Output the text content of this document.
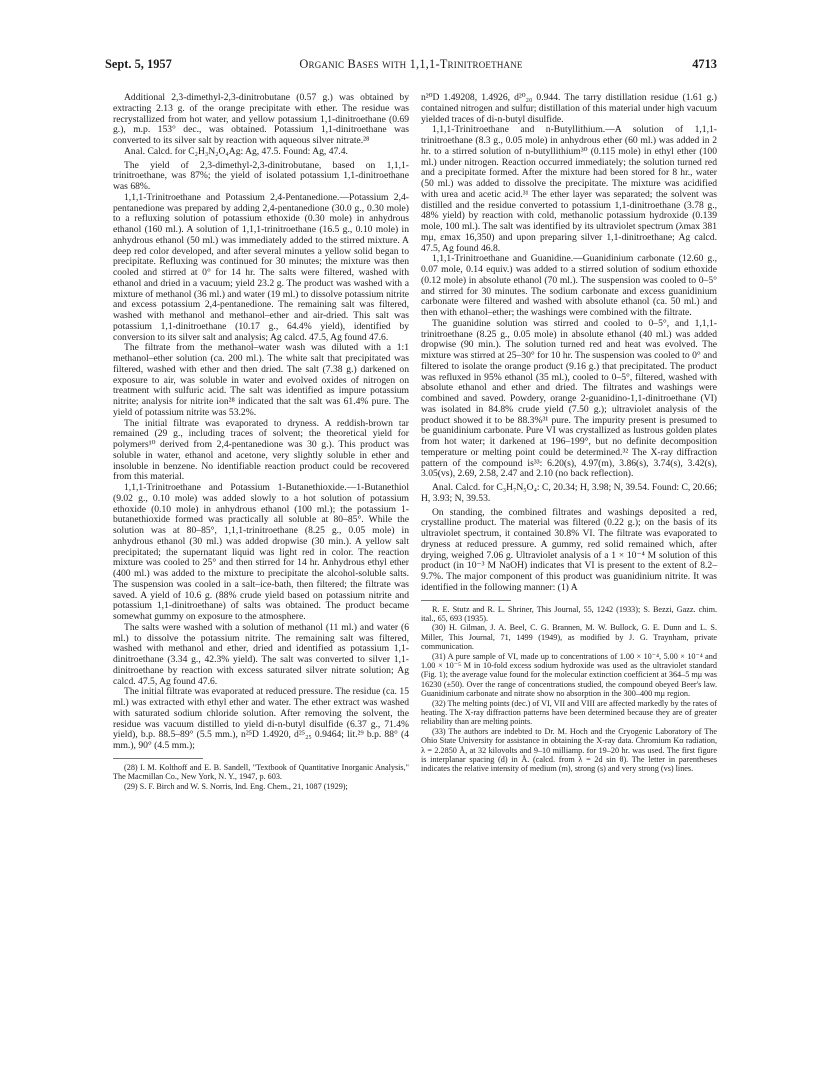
Sept. 5, 1957	Organic Bases with 1,1,1-Trinitroethane	4713

Additional 2,3-dimethyl-2,3-dinitrobutane (0.57 g.) was obtained by extracting 2.13 g. of the orange precipitate with ether. The residue was recrystallized from hot water, and yellow potassium 1,1-dinitroethane (0.69 g.), m.p. 153° dec., was obtained. Potassium 1,1-dinitroethane was converted to its silver salt by reaction with aqueous silver nitrate.²⁸

Anal. Calcd. for C₂H₃N₂O₄Ag: Ag, 47.5. Found: Ag, 47.4.

The yield of 2,3-dimethyl-2,3-dinitrobutane, based on 1,1,1-trinitroethane, was 87%; the yield of isolated potassium 1,1-dinitroethane was 68%.

1,1,1-Trinitroethane and Potassium 2,4-Pentanedione.—Potassium 2,4-pentanedione was prepared by adding 2,4-pentanedione (30.0 g., 0.30 mole) to a refluxing solution of potassium ethoxide (0.30 mole) in anhydrous ethanol (160 ml.). A solution of 1,1,1-trinitroethane (16.5 g., 0.10 mole) in anhydrous ethanol (50 ml.) was immediately added to the stirred mixture. A deep red color developed, and after several minutes a yellow solid began to precipitate. Refluxing was continued for 30 minutes; the mixture was then cooled and stirred at 0° for 14 hr. The salts were filtered, washed with ethanol and dried in a vacuum; yield 23.2 g. The product was washed with a mixture of methanol (36 ml.) and water (19 ml.) to dissolve potassium nitrite and excess potassium 2,4-pentanedione. The remaining salt was filtered, washed with methanol and methanol–ether and air-dried. This salt was potassium 1,1-dinitroethane (10.17 g., 64.4% yield), identified by conversion to its silver salt and analysis; Ag calcd. 47.5, Ag found 47.6.

The filtrate from the methanol–water wash was diluted with a 1:1 methanol–ether solution (ca. 200 ml.). The white salt that precipitated was filtered, washed with ether and then dried. The salt (7.38 g.) darkened on exposure to air, was soluble in water and evolved oxides of nitrogen on treatment with sulfuric acid. The salt was identified as impure potassium nitrite; analysis for nitrite ion²⁸ indicated that the salt was 61.4% pure. The yield of potassium nitrite was 53.2%.

The initial filtrate was evaporated to dryness. A reddish-brown tar remained (29 g., including traces of solvent; the theoretical yield for polymers¹⁰ derived from 2,4-pentanedione was 30 g.). This product was soluble in water, ethanol and acetone, very slightly soluble in ether and insoluble in benzene. No identifiable reaction product could be recovered from this material.

1,1,1-Trinitroethane and Potassium 1-Butanethioxide.—1-Butanethiol (9.02 g., 0.10 mole) was added slowly to a hot solution of potassium ethoxide (0.10 mole) in anhydrous ethanol (100 ml.); the potassium 1-butanethioxide formed was practically all soluble at 80–85°. While the solution was at 80–85°, 1,1,1-trinitroethane (8.25 g., 0.05 mole) in anhydrous ethanol (30 ml.) was added dropwise (30 min.). A yellow salt precipitated; the supernatant liquid was light red in color. The reaction mixture was cooled to 25° and then stirred for 14 hr. Anhydrous ethyl ether (400 ml.) was added to the mixture to precipitate the alcohol-soluble salts. The suspension was cooled in a salt–ice-bath, then filtered; the filtrate was saved. A yield of 10.6 g. (88% crude yield based on potassium nitrite and potassium 1,1-dinitroethane) of salts was obtained. The product became somewhat gummy on exposure to the atmosphere.

The salts were washed with a solution of methanol (11 ml.) and water (6 ml.) to dissolve the potassium nitrite. The remaining salt was filtered, washed with methanol and ether, dried and identified as potassium 1,1-dinitroethane (3.34 g., 42.3% yield). The salt was converted to silver 1,1-dinitroethane by reaction with excess saturated silver nitrate solution; Ag calcd. 47.5, Ag found 47.6.

The initial filtrate was evaporated at reduced pressure. The residue (ca. 15 ml.) was extracted with ethyl ether and water. The ether extract was washed with saturated sodium chloride solution. After removing the solvent, the residue was vacuum distilled to yield di-n-butyl disulfide (6.37 g., 71.4% yield), b.p. 88.5–89° (5.5 mm.), n²⁵D 1.4920, d²⁵₂₅ 0.9464; lit.²⁹ b.p. 88° (4 mm.), 90° (4.5 mm.);

(28) I. M. Kolthoff and E. B. Sandell, "Textbook of Quantitative Inorganic Analysis," The Macmillan Co., New York, N. Y., 1947, p. 603.

(29) S. F. Birch and W. S. Norris, Ind. Eng. Chem., 21, 1087 (1929);

n²⁰D 1.49208, 1.4926, d²⁰₂₀ 0.944. The tarry distillation residue (1.61 g.) contained nitrogen and sulfur; distillation of this material under high vacuum yielded traces of di-n-butyl disulfide.

1,1,1-Trinitroethane and n-Butyllithium.—A solution of 1,1,1-trinitroethane (8.3 g., 0.05 mole) in anhydrous ether (60 ml.) was added in 2 hr. to a stirred solution of n-butyllithium³⁰ (0.115 mole) in ethyl ether (100 ml.) under nitrogen. Reaction occurred immediately; the solution turned red and a precipitate formed. After the mixture had been stored for 8 hr., water (50 ml.) was added to dissolve the precipitate. The mixture was acidified with urea and acetic acid.³¹ The ether layer was separated; the solvent was distilled and the residue converted to potassium 1,1-dinitroethane (3.78 g., 48% yield) by reaction with cold, methanolic potassium hydroxide (0.139 mole, 100 ml.). The salt was identified by its ultraviolet spectrum (λmax 381 mμ, εmax 16,350) and upon preparing silver 1,1-dinitroethane; Ag calcd. 47.5, Ag found 46.8.

1,1,1-Trinitroethane and Guanidine.—Guanidinium carbonate (12.60 g., 0.07 mole, 0.14 equiv.) was added to a stirred solution of sodium ethoxide (0.12 mole) in absolute ethanol (70 ml.). The suspension was cooled to 0–5° and stirred for 30 minutes. The sodium carbonate and excess guanidinium carbonate were filtered and washed with absolute ethanol (ca. 50 ml.) and then with ethanol–ether; the washings were combined with the filtrate.

The guanidine solution was stirred and cooled to 0–5°, and 1,1,1-trinitroethane (8.25 g., 0.05 mole) in absolute ethanol (40 ml.) was added dropwise (90 min.). The solution turned red and heat was evolved. The mixture was stirred at 25–30° for 10 hr. The suspension was cooled to 0° and filtered to isolate the orange product (9.16 g.) that precipitated. The product was refluxed in 95% ethanol (35 ml.), cooled to 0–5°, filtered, washed with absolute ethanol and ether and dried. The filtrates and washings were combined and saved. Powdery, orange 2-guanidino-1,1-dinitroethane (VI) was isolated in 84.8% crude yield (7.50 g.); ultraviolet analysis of the product showed it to be 88.3%³¹ pure. The impurity present is presumed to be guanidinium carbonate. Pure VI was crystallized as lustrous golden plates from hot water; it darkened at 196–199°, but no definite decomposition temperature or melting point could be determined.³² The X-ray diffraction pattern of the compound is³³: 6.20(s), 4.97(m), 3.86(s), 3.74(s), 3.42(s), 3.05(vs), 2.69, 2.58, 2.47 and 2.10 (no back reflection).

Anal. Calcd. for C₃H₇N₅O₄: C, 20.34; H, 3.98; N, 39.54. Found: C, 20.66; H, 3.93; N, 39.53.

On standing, the combined filtrates and washings deposited a red, crystalline product. The material was filtered (0.22 g.); on the basis of its ultraviolet spectrum, it contained 30.8% VI. The filtrate was evaporated to dryness at reduced pressure. A gummy, red solid remained which, after drying, weighed 7.06 g. Ultraviolet analysis of a 1 × 10⁻⁴ M solution of this product (in 10⁻³ M NaOH) indicates that VI is present to the extent of 8.2–9.7%. The major component of this product was guanidinium nitrite. It was identified in the following manner: (1) A

R. E. Stutz and R. L. Shriner, This Journal, 55, 1242 (1933); S. Bezzi, Gazz. chim. ital., 65, 693 (1935).

(30) H. Gilman, J. A. Beel, C. G. Brannen, M. W. Bullock, G. E. Dunn and L. S. Miller, This Journal, 71, 1499 (1949), as modified by J. G. Traynham, private communication.

(31) A pure sample of VI, made up to concentrations of 1.00 × 10⁻⁴, 5.00 × 10⁻⁴ and 1.00 × 10⁻⁵ M in 10-fold excess sodium hydroxide was used as the ultraviolet standard (Fig. 1); the average value found for the molecular extinction coefficient at 364–5 mμ was 16230 (±50). Over the range of concentrations studied, the compound obeyed Beer's law. Guanidinium carbonate and nitrate show no absorption in the 300–400 mμ region.

(32) The melting points (dec.) of VI, VII and VIII are affected markedly by the rates of heating. The X-ray diffraction patterns have been determined because they are of greater reliability than are melting points.

(33) The authors are indebted to Dr. M. Hoch and the Cryogenic Laboratory of The Ohio State University for assistance in obtaining the X-ray data. Chromium Kα radiation, λ = 2.2850 Å, at 32 kilovolts and 9–10 milliamp. for 19–20 hr. was used. The first figure is interplanar spacing (d) in Å. (calcd. from λ = 2d sin θ). The letter in parentheses indicates the relative intensity of medium (m), strong (s) and very strong (vs) lines.
